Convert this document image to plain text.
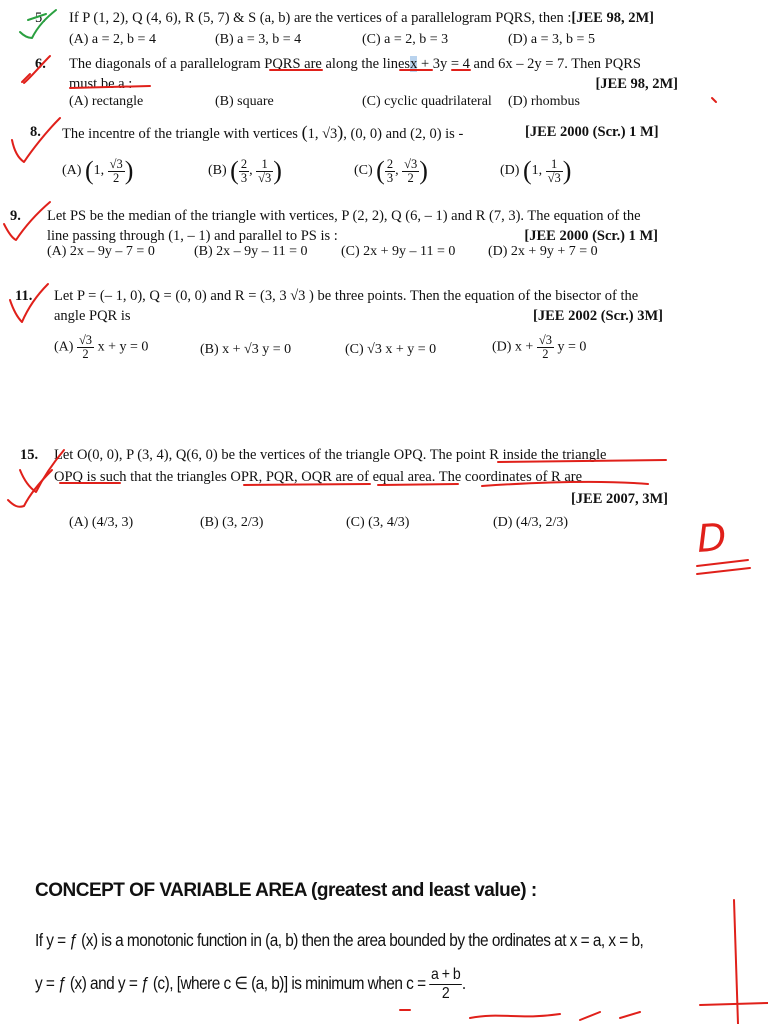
5. If P (1, 2), Q (4, 6), R (5, 7) & S (a, b) are the vertices of a parallelogram PQRS, then :[JEE 98, 2M]
(A) a = 2, b = 4	(B) a = 3, b = 4	(C) a = 2, b = 3	(D) a = 3, b = 5
6. The diagonals of a parallelogram PQRS are along the linesx + 3y = 4 and 6x – 2y = 7. Then PQRS
must be a :	[JEE 98, 2M]
(A) rectangle	(B) square	(C) cyclic quadrilateral (D) rhombus
8. The incentre of the triangle with vertices (1, √3), (0, 0) and (2, 0) is -	[JEE 2000 (Scr.) 1 M]
(A) (1, $\frac{√3}{2}$ )	(B) ( $\frac{2}{3}$ , $\frac{1}{√3}$ )	(C) ( $\frac{2}{3}$ , $\frac{√3}{2}$ )	(D) (1, $\frac{1}{√3}$ )
9. Let PS be the median of the triangle with vertices, P (2, 2), Q (6, – 1) and R (7, 3). The equation of the
line passing through (1, – 1) and parallel to PS is :	[JEE 2000 (Scr.) 1 M]
(A) 2x – 9y – 7 = 0	(B) 2x – 9y – 11 = 0 (C) 2x + 9y – 11 = 0 (D) 2x + 9y + 7 = 0
11. Let P = (– 1, 0), Q = (0, 0) and R = (3, 3 √3 ) be three points. Then the equation of the bisector of the
angle PQR is	[JEE 2002 (Scr.) 3M]
$(A) \frac{√3}{2}$ x + y = 0	(B) x + √3 y = 0	(C) √3 x + y = 0	(D) $x + \frac{√3}{2}$ y = 0
15. Let O(0, 0), P (3, 4), Q(6, 0) be the vertices of the triangle OPQ. The point R inside the triangle
OPQ is such that the triangles OPR, PQR, OQR are of equal area. The coordinates of R are
[JEE 2007, 3M]
(A) (4/3, 3)	(B) (3, 2/3)	(C) (3, 4/3)	(D) (4/3, 2/3)	D
CONCEPT OF VARIABLE AREA (greatest and least value) :
If y = ƒ (x) is a monotonic function in (a, b) then the area bounded by the ordinates at x = a, x = b,
y = ƒ (x) and y = ƒ (c), [where c ∈ (a, b)] is minimum when $c = \frac{a + b}{2}$ .
